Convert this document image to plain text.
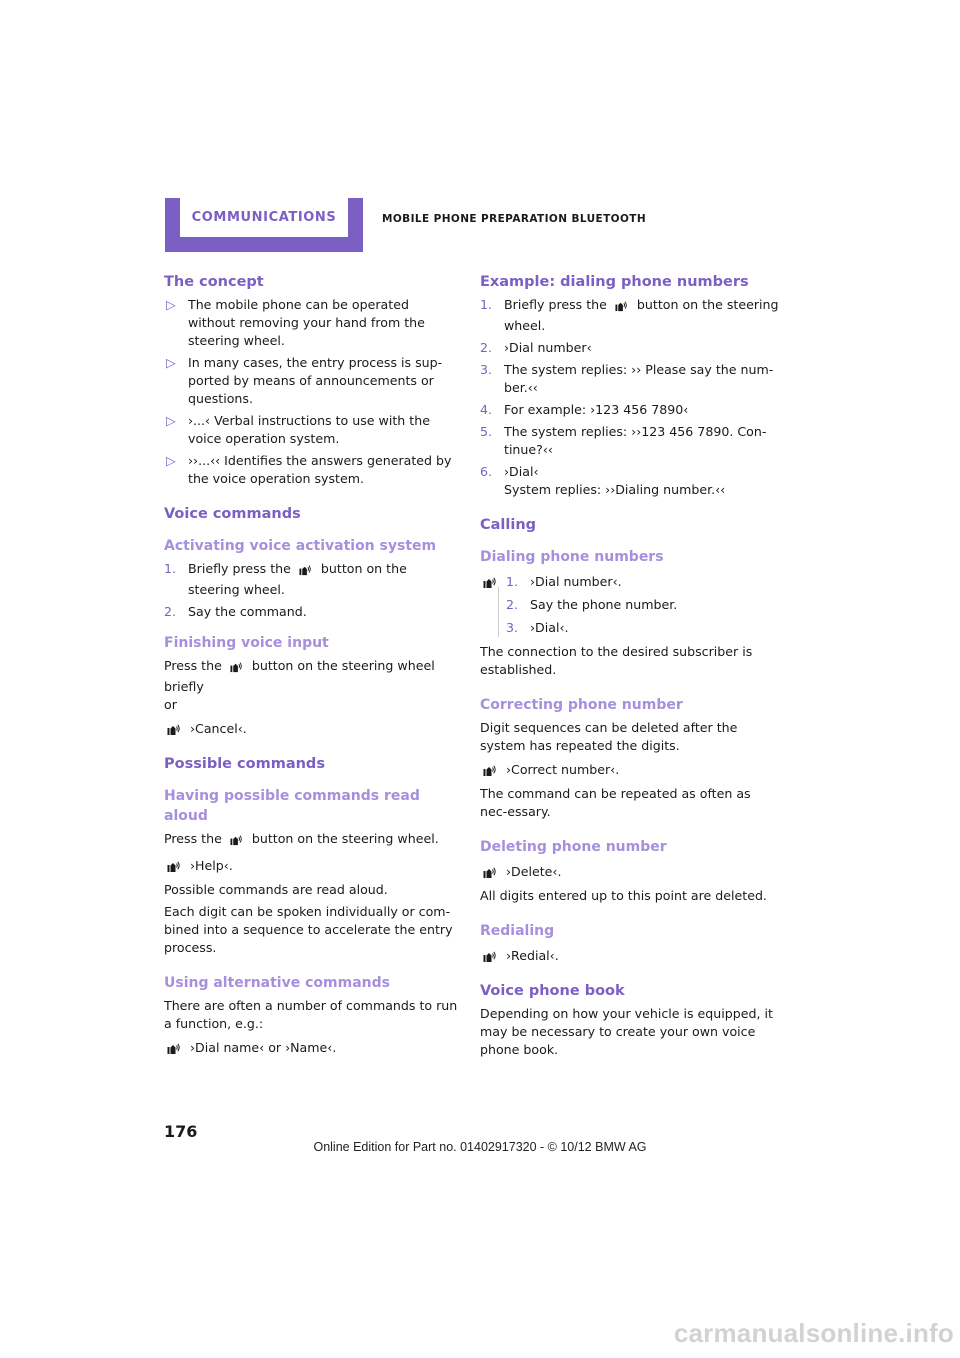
COMMUNICATIONS	MOBILE PHONE PREPARATION BLUETOOTH
The concept
▷ The mobile phone can be operated without removing your hand from the steering wheel.
▷ In many cases, the entry process is sup-ported by means of announcements or questions.
▷ ›...‹ Verbal instructions to use with the voice operation system.
▷ ››...‹‹ Identifies the answers generated by the voice operation system.
Voice commands
Activating voice activation system
1. Briefly press the button on the steering wheel.
2. Say the command.
Finishing voice input

Press the button on the steering wheel briefly
or

›Cancel‹.
Possible commands
Having possible commands read aloud

Press the button on the steering wheel.

›Help‹.

Possible commands are read aloud.

Each digit can be spoken individually or com-bined into a sequence to accelerate the entry process.

Using alternative commands

There are often a number of commands to run a function, e.g.:

›Dial name‹ or ›Name‹.
Example: dialing phone numbers
1. Briefly press the button on the steering wheel.
2. ›Dial number‹
3. The system replies: ›› Please say the num-ber.‹‹
4. For example: ›123 456 7890‹
5. The system replies: ››123 456 7890. Con-tinue?‹‹
6. ›Dial‹
System replies: ››Dialing number.‹‹
Calling
Dialing phone numbers
1. ›Dial number‹.
2. Say the phone number.
3. ›Dial‹.

The connection to the desired subscriber is established.

Correcting phone number

Digit sequences can be deleted after the system has repeated the digits.

›Correct number‹.

The command can be repeated as often as nec-essary.

Deleting phone number
›Delete‹.

All digits entered up to this point are deleted.

Redialing
›Redial‹.
Voice phone book

Depending on how your vehicle is equipped, it may be necessary to create your own voice phone book.

176
Online Edition for Part no. 01402917320 - © 10/12 BMW AG
carmanualsonline.info
